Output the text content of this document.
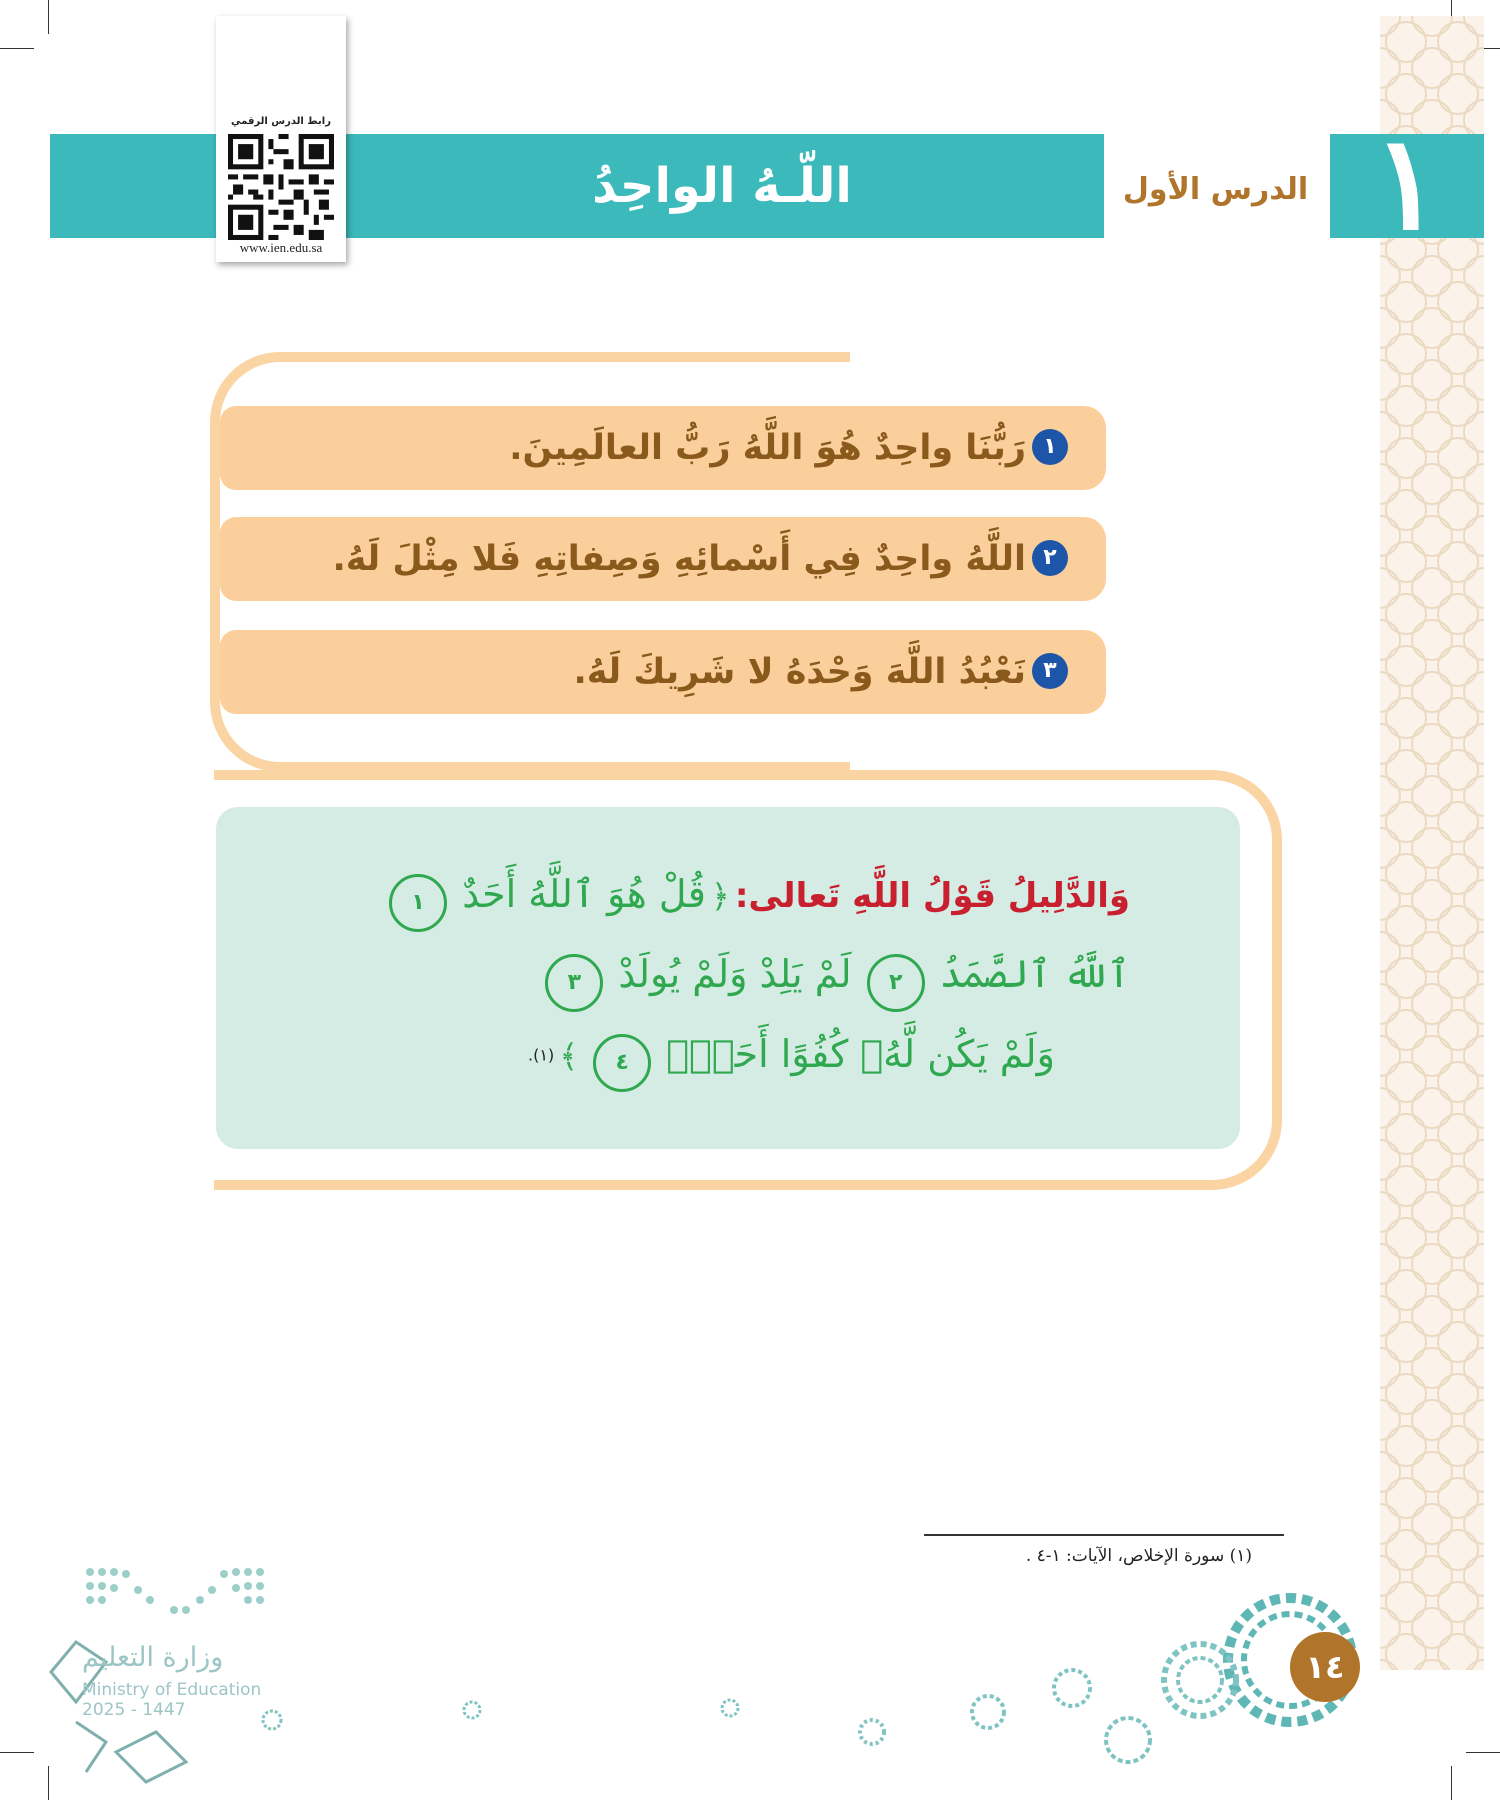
١
الدرس الأول
اللّـهُ الواحِدُ
رابط الدرس الرقمي
www.ien.edu.sa
١
رَبُّنَا واحِدٌ هُوَ اللَّهُ رَبُّ العالَمِينَ.
٢
اللَّهُ واحِدٌ فِي أَسْمائِهِ وَصِفاتِهِ فَلا مِثْلَ لَهُ.
٣
نَعْبُدُ اللَّهَ وَحْدَهُ لا شَرِيكَ لَهُ.
وَالدَّلِيلُ قَوْلُ اللَّهِ تَعالى: ﴿ قُلْ هُوَ ٱللَّهُ أَحَدٌ ١
ٱللَّهُ ٱلصَّمَدُ ٢ لَمْ يَلِدْ وَلَمْ يُولَدْ ٣
وَلَمْ يَكُن لَّهُۥ كُفُوًا أَحَدٌۢ ٤ ﴾ (١).
(١) سورة الإخلاص، الآيات: ١-٤ .
١٤
وزارة التعليم
Ministry of Education
2025 - 1447
